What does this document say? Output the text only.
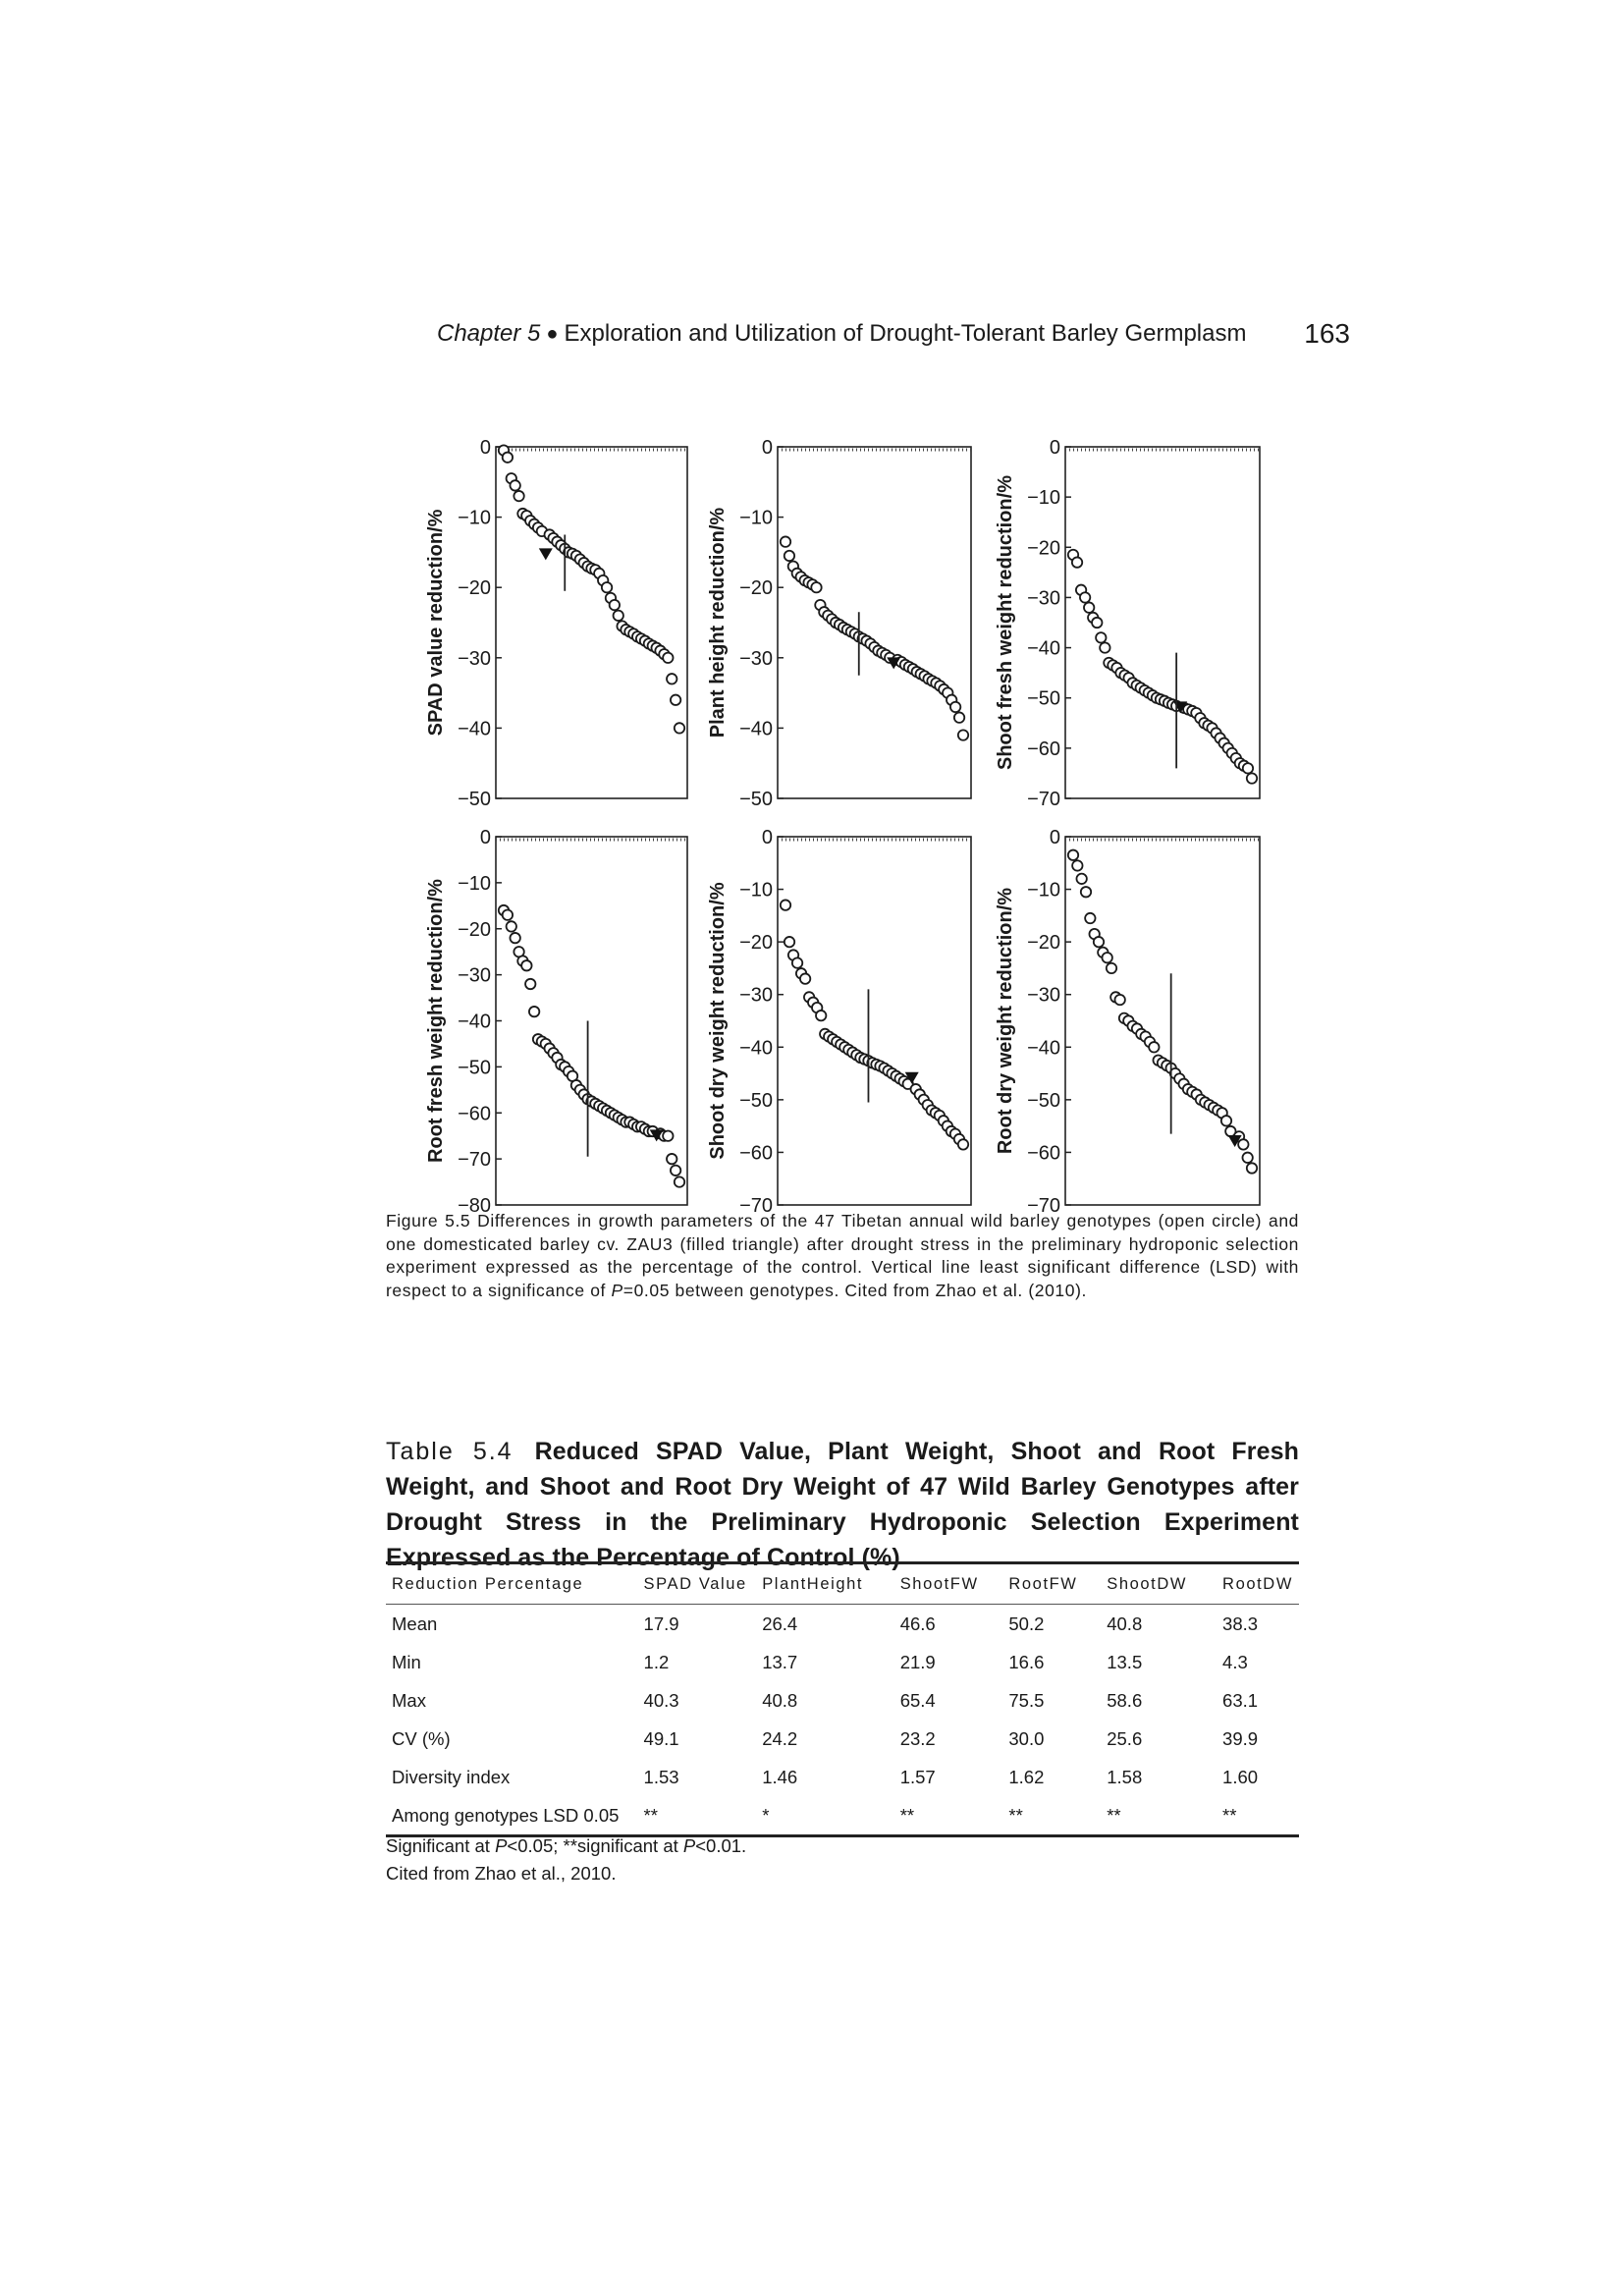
Chapter 5 ● Exploration and Utilization of Drought-Tolerant Barley Germplasm 163
0
−10
−20
−30
−40
−50
SPAD value reduction/%
0
−10
−20
−30
−40
−50
Plant height reduction/%
0
−10
−20
−30
−40
−50
−60
−70
Shoot fresh weight reduction/%
0
−10
−20
−30
−40
−50
−60
−70
−80
Root fresh weight reduction/%
0
−10
−20
−30
−40
−50
−60
−70
Shoot dry weight reduction/%
0
−10
−20
−30
−40
−50
−60
−70
Root dry weight reduction/%
Figure 5.5 Differences in growth parameters of the 47 Tibetan annual wild barley genotypes (open circle) and one domesticated barley cv. ZAU3 (filled triangle) after drought stress in the preliminary hydroponic selection experiment expressed as the percentage of the control. Vertical line least significant difference (LSD) with respect to a significance of P=0.05 between genotypes. Cited from Zhao et al. (2010).
Table 5.4 Reduced SPAD Value, Plant Weight, Shoot and Root Fresh Weight, and Shoot and Root Dry Weight of 47 Wild Barley Genotypes after Drought Stress in the Preliminary Hydroponic Selection Experiment Expressed as the Percentage of Control (%)
Reduction Percentage	SPAD Value	PlantHeight	ShootFW	RootFW	ShootDW	RootDW
Mean	17.9	26.4	46.6	50.2	40.8	38.3
Min	1.2	13.7	21.9	16.6	13.5	4.3
Max	40.3	40.8	65.4	75.5	58.6	63.1
CV (%)	49.1	24.2	23.2	30.0	25.6	39.9
Diversity index	1.53	1.46	1.57	1.62	1.58	1.60
Among genotypes LSD 0.05	**	*	**	**	**	**
Significant at P<0.05; **significant at P<0.01.
Cited from Zhao et al., 2010.
